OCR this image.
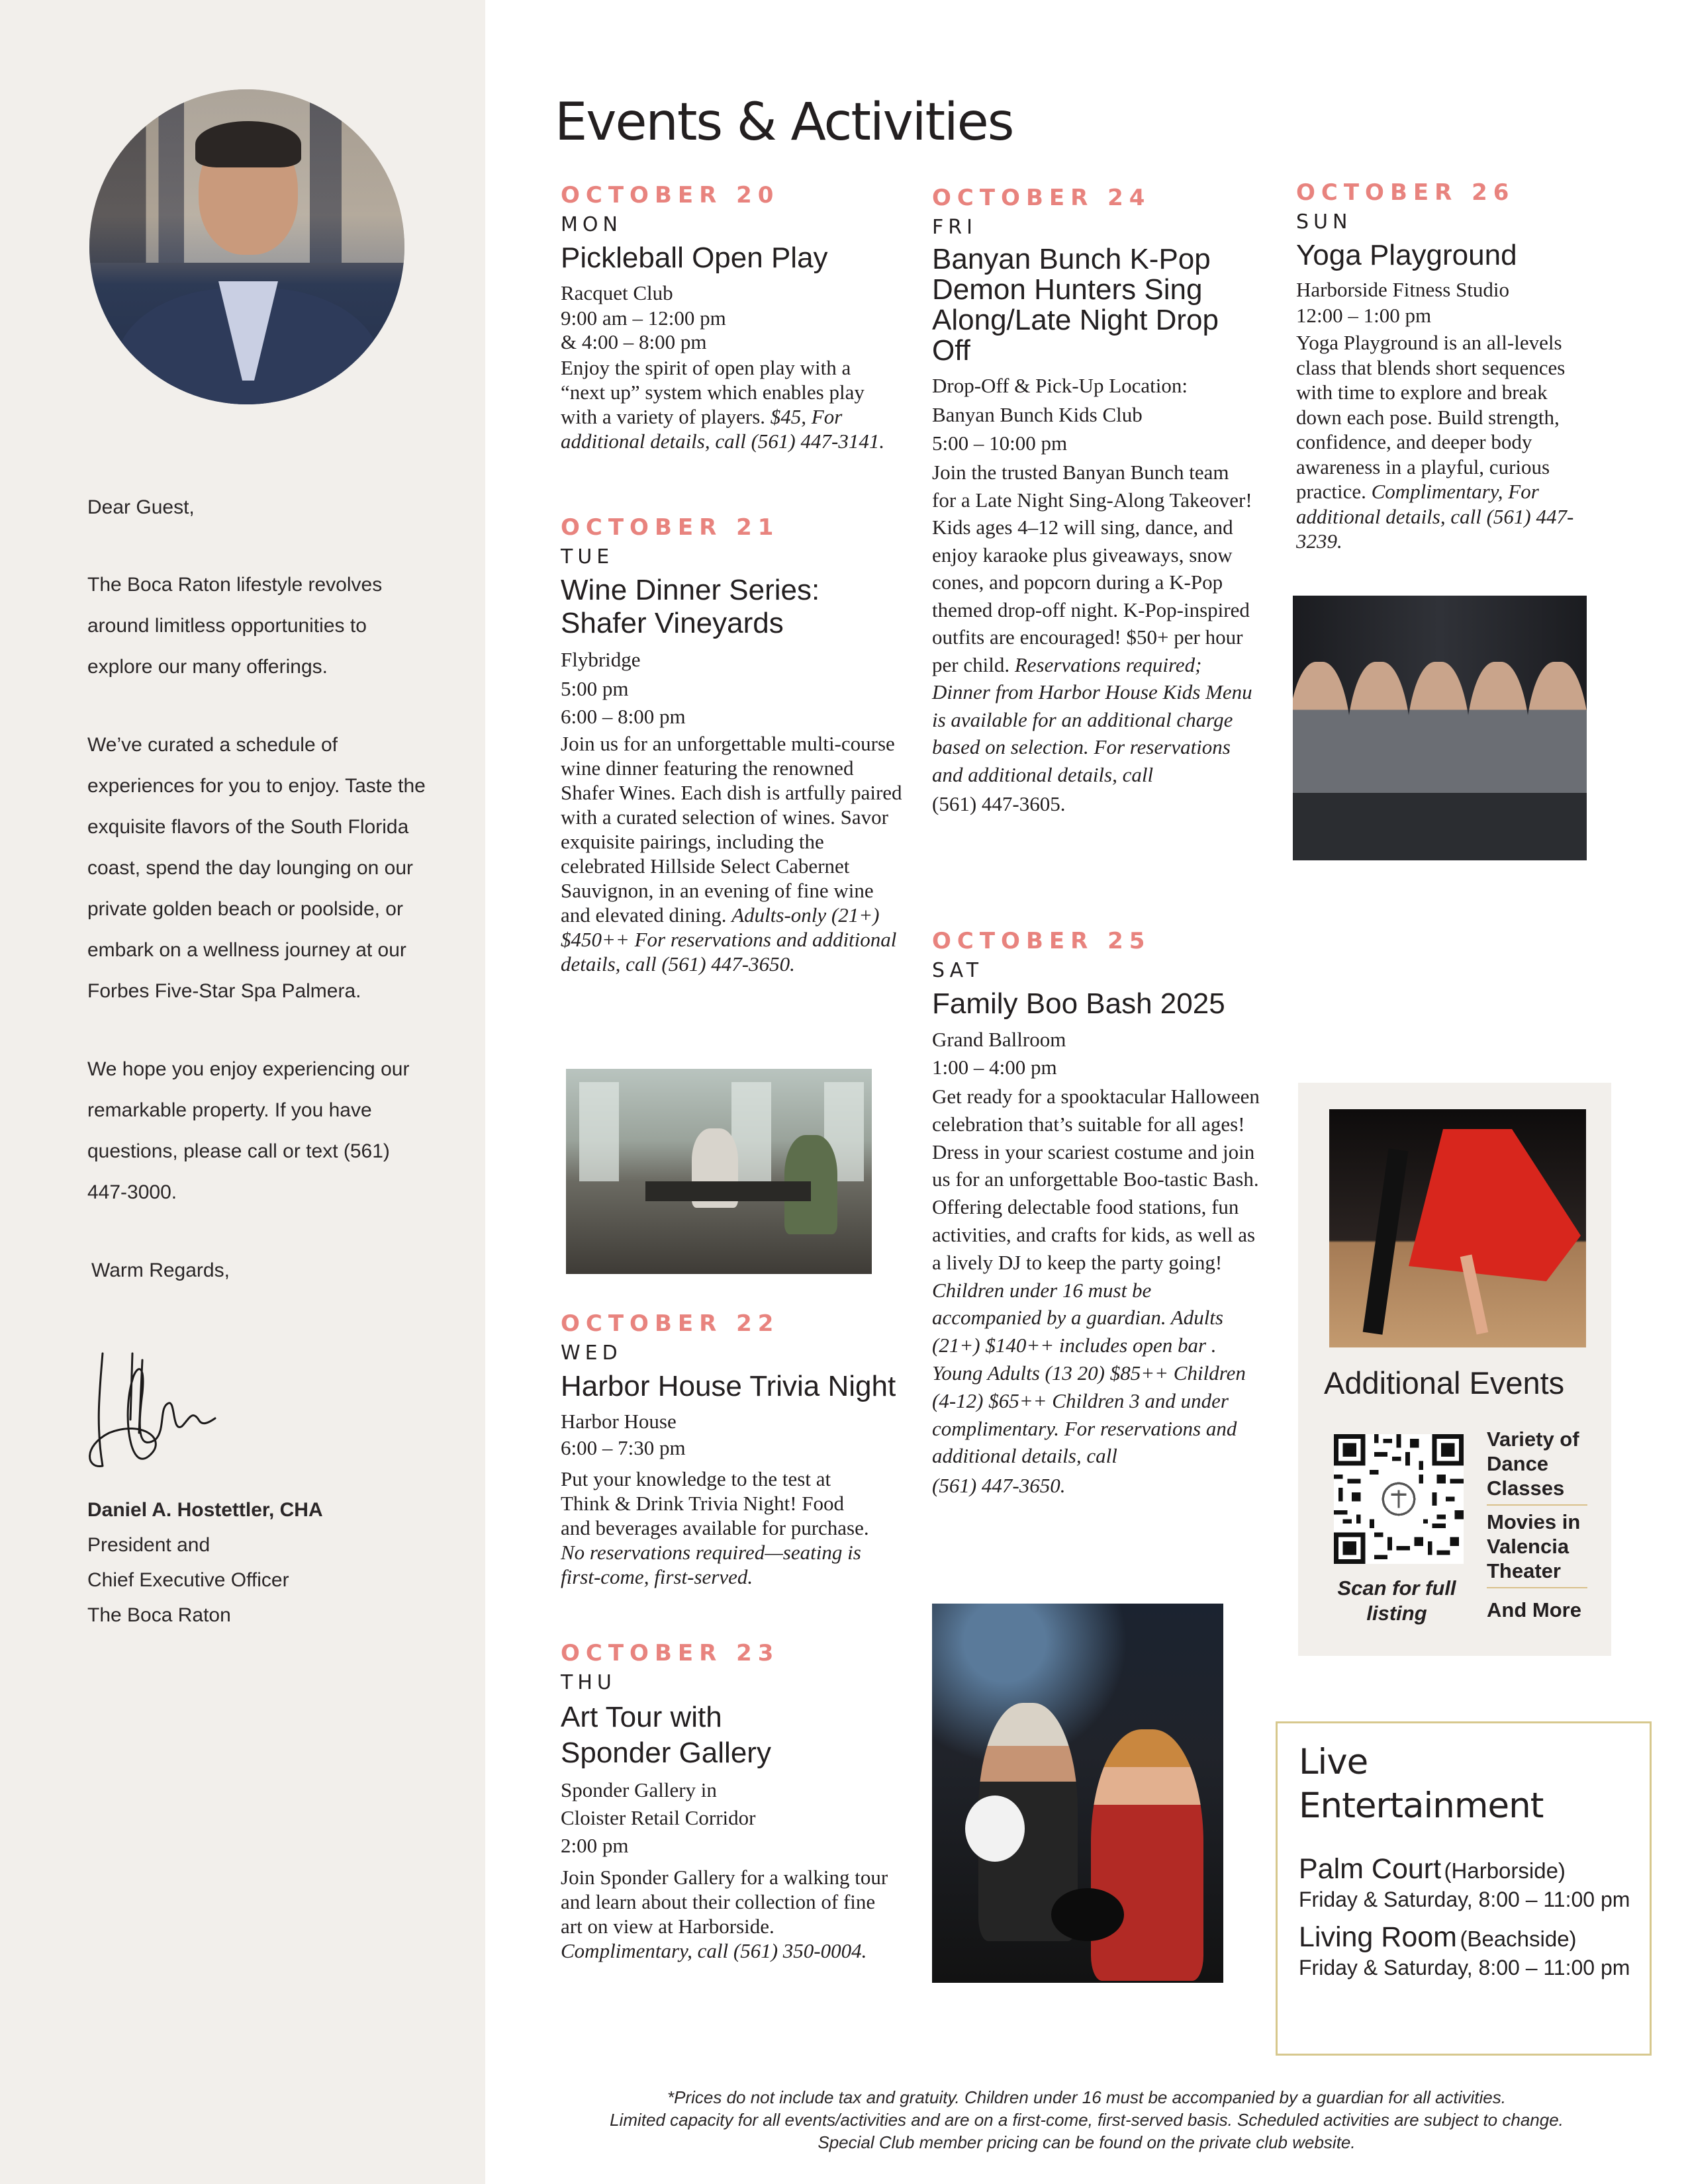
Dear Guest,

The Boca Raton lifestyle revolves around limitless opportunities to explore our many offerings.

We’ve curated a schedule of experiences for you to enjoy. Taste the exquisite flavors of the South Florida coast, spend the day lounging on our private golden beach or poolside, or embark on a wellness journey at our Forbes Five-Star Spa Palmera.

We hope you enjoy experiencing our remarkable property. If you have questions, please call or text (561) 447-3000.

Warm Regards,

Daniel A. Hostettler, CHA
President and
Chief Executive Officer
The Boca Raton
Events & Activities
OCTOBER 20
MON
Pickleball Open Play
Racquet Club
9:00 am – 12:00 pm
& 4:00 – 8:00 pm
Enjoy the spirit of open play with a “next up” system which enables play with a variety of players. $45, For additional details, call (561) 447-3141.
OCTOBER 21
TUE
Wine Dinner Series: Shafer Vineyards
Flybridge
5:00 pm
6:00 – 8:00 pm
Join us for an unforgettable multi-course wine dinner featuring the renowned Shafer Wines. Each dish is artfully paired with a curated selection of wines. Savor exquisite pairings, including the celebrated Hillside Select Cabernet Sauvignon, in an evening of fine wine and elevated dining. Adults-only (21+) $450++ For reservations and additional details, call (561) 447-3650.
OCTOBER 22
WED
Harbor House Trivia Night
Harbor House
6:00 – 7:30 pm
Put your knowledge to the test at Think & Drink Trivia Night! Food and beverages available for purchase. No reservations required—seating is first-come, first-served.
OCTOBER 23
THU
Art Tour with Sponder Gallery
Sponder Gallery in
Cloister Retail Corridor
2:00 pm
Join Sponder Gallery for a walking tour and learn about their collection of fine art on view at Harborside. Complimentary, call (561) 350-0004.
OCTOBER 24
FRI
Banyan Bunch K-Pop Demon Hunters Sing Along/Late Night Drop Off
Drop-Off & Pick-Up Location:
Banyan Bunch Kids Club
5:00 – 10:00 pm
Join the trusted Banyan Bunch team for a Late Night Sing-Along Takeover! Kids ages 4–12 will sing, dance, and enjoy karaoke plus giveaways, snow cones, and popcorn during a K-Pop themed drop-off night. K-Pop-inspired outfits are encouraged! $50+ per hour per child. Reservations required; Dinner from Harbor House Kids Menu is available for an additional charge based on selection. For reservations and additional details, call
(561) 447-3605.
OCTOBER 25
SAT
Family Boo Bash 2025
Grand Ballroom
1:00 – 4:00 pm
Get ready for a spooktacular Halloween celebration that’s suitable for all ages! Dress in your scariest costume and join us for an unforgettable Boo-tastic Bash. Offering delectable food stations, fun activities, and crafts for kids, as well as a lively DJ to keep the party going! Children under 16 must be accompanied by a guardian. Adults (21+) $140++ includes open bar . Young Adults (13 20) $85++ Children (4-12) $65++ Children 3 and under complimentary. For reservations and additional details, call
(561) 447-3650.
OCTOBER 26
SUN
Yoga Playground
Harborside Fitness Studio
12:00 – 1:00 pm
Yoga Playground is an all-levels class that blends short sequences with time to explore and break down each pose. Build strength, confidence, and deeper body awareness in a playful, curious practice. Complimentary, For additional details, call (561) 447-3239.
Additional Events
Scan for full listing
Variety of Dance Classes
Movies in Valencia Theater
And More
Live Entertainment
Palm Court (Harborside)
Friday & Saturday, 8:00 – 11:00 pm
Living Room (Beachside)
Friday & Saturday, 8:00 – 11:00 pm
*Prices do not include tax and gratuity. Children under 16 must be accompanied by a guardian for all activities.
Limited capacity for all events/activities and are on a first-come, first-served basis. Scheduled activities are subject to change.
Special Club member pricing can be found on the private club website.
